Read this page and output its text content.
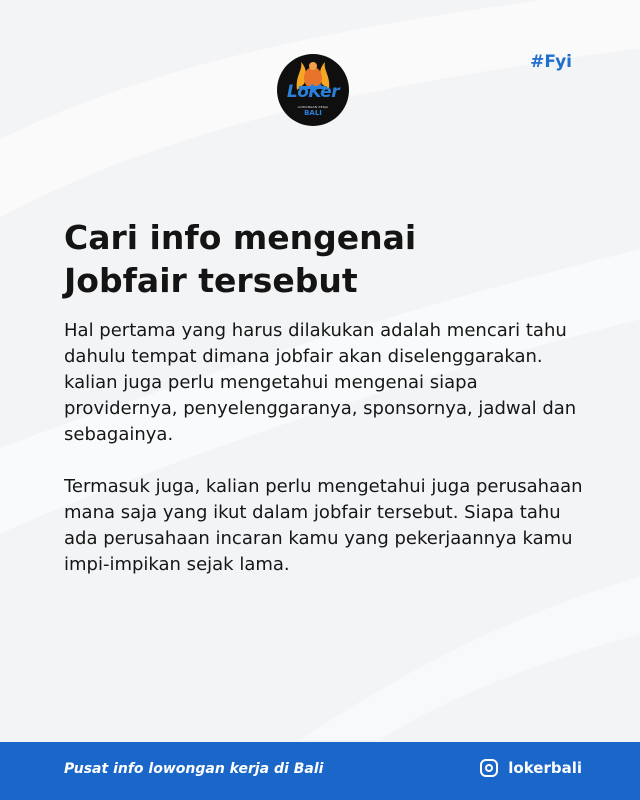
LoKer
LOWONGAN KERJA
BALI
#Fyi
Cari info mengenai
Jobfair tersebut

Hal pertama yang harus dilakukan adalah mencari tahu dahulu tempat dimana jobfair akan diselenggarakan. kalian juga perlu mengetahui mengenai siapa providernya, penyelenggaranya, sponsornya, jadwal dan sebagainya.

Termasuk juga, kalian perlu mengetahui juga perusahaan mana saja yang ikut dalam jobfair tersebut. Siapa tahu ada perusahaan incaran kamu yang pekerjaannya kamu impi-impikan sejak lama.

Pusat info lowongan kerja di Bali	lokerbali
